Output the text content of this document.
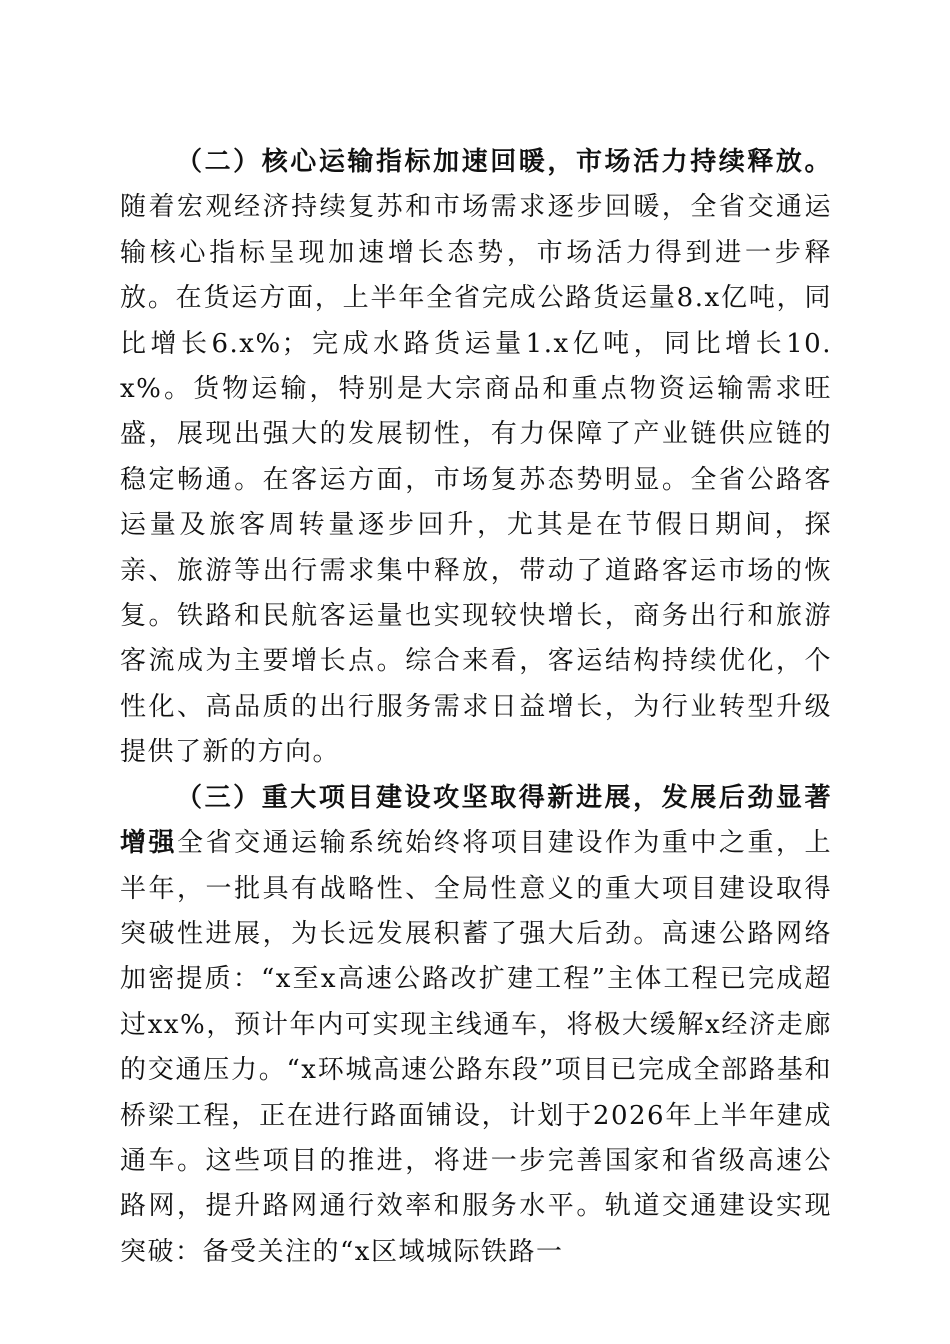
（二）核心运输指标加速回暖，市场活力持续释放。随着宏观经济持续复苏和市场需求逐步回暖，全省交通运输核心指标呈现加速增长态势，市场活力得到进一步释放。在货运方面，上半年全省完成公路货运量8.x亿吨，同比增长6.x%；完成水路货运量1.x亿吨，同比增长10.x%。货物运输，特别是大宗商品和重点物资运输需求旺盛，展现出强大的发展韧性，有力保障了产业链供应链的稳定畅通。在客运方面，市场复苏态势明显。全省公路客运量及旅客周转量逐步回升，尤其是在节假日期间，探亲、旅游等出行需求集中释放，带动了道路客运市场的恢复。铁路和民航客运量也实现较快增长，商务出行和旅游客流成为主要增长点。综合来看，客运结构持续优化，个性化、高品质的出行服务需求日益增长，为行业转型升级提供了新的方向。

（三）重大项目建设攻坚取得新进展，发展后劲显著增强全省交通运输系统始终将项目建设作为重中之重，上半年，一批具有战略性、全局性意义的重大项目建设取得突破性进展，为长远发展积蓄了强大后劲。高速公路网络加密提质：“x至x高速公路改扩建工程”主体工程已完成超过xx%，预计年内可实现主线通车，将极大缓解x经济走廊的交通压力。“x环城高速公路东段”项目已完成全部路基和桥梁工程，正在进行路面铺设，计划于2026年上半年建成通车。这些项目的推进，将进一步完善国家和省级高速公路网，提升路网通行效率和服务水平。轨道交通建设实现突破：备受关注的“x区域城际铁路一
